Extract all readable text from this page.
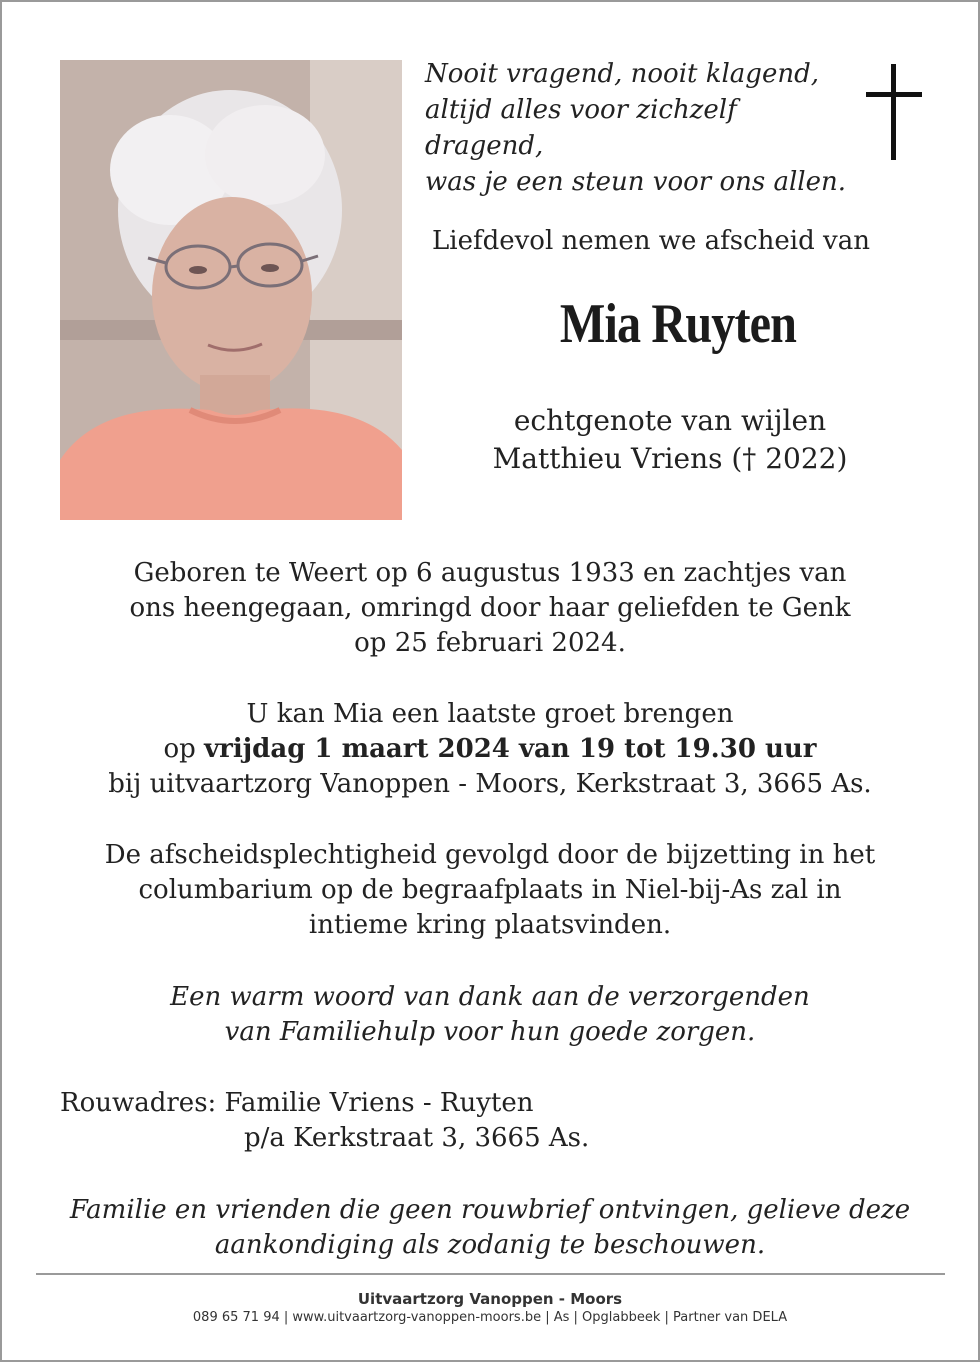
Nooit vragend, nooit klagend,
altijd alles voor zichzelf
dragend,
was je een steun voor ons allen.
Liefdevol nemen we afscheid van
Mia Ruyten
echtgenote van wijlen
Matthieu Vriens († 2022)
Geboren te Weert op 6 augustus 1933 en zachtjes van
ons heengegaan, omringd door haar geliefden te Genk
op 25 februari 2024.
U kan Mia een laatste groet brengen
op vrijdag 1 maart 2024 van 19 tot 19.30 uur
bij uitvaartzorg Vanoppen - Moors, Kerkstraat 3, 3665 As.
De afscheidsplechtigheid gevolgd door de bijzetting in het
columbarium op de begraafplaats in Niel-bij-As zal in
intieme kring plaatsvinden.
Een warm woord van dank aan de verzorgenden
van Familiehulp voor hun goede zorgen.
Rouwadres: Familie Vriens - Ruyten
p/a Kerkstraat 3, 3665 As.
Familie en vrienden die geen rouwbrief ontvingen, gelieve deze
aankondiging als zodanig te beschouwen.
Uitvaartzorg Vanoppen - Moors
089 65 71 94 | www.uitvaartzorg-vanoppen-moors.be | As | Opglabbeek | Partner van DELA
